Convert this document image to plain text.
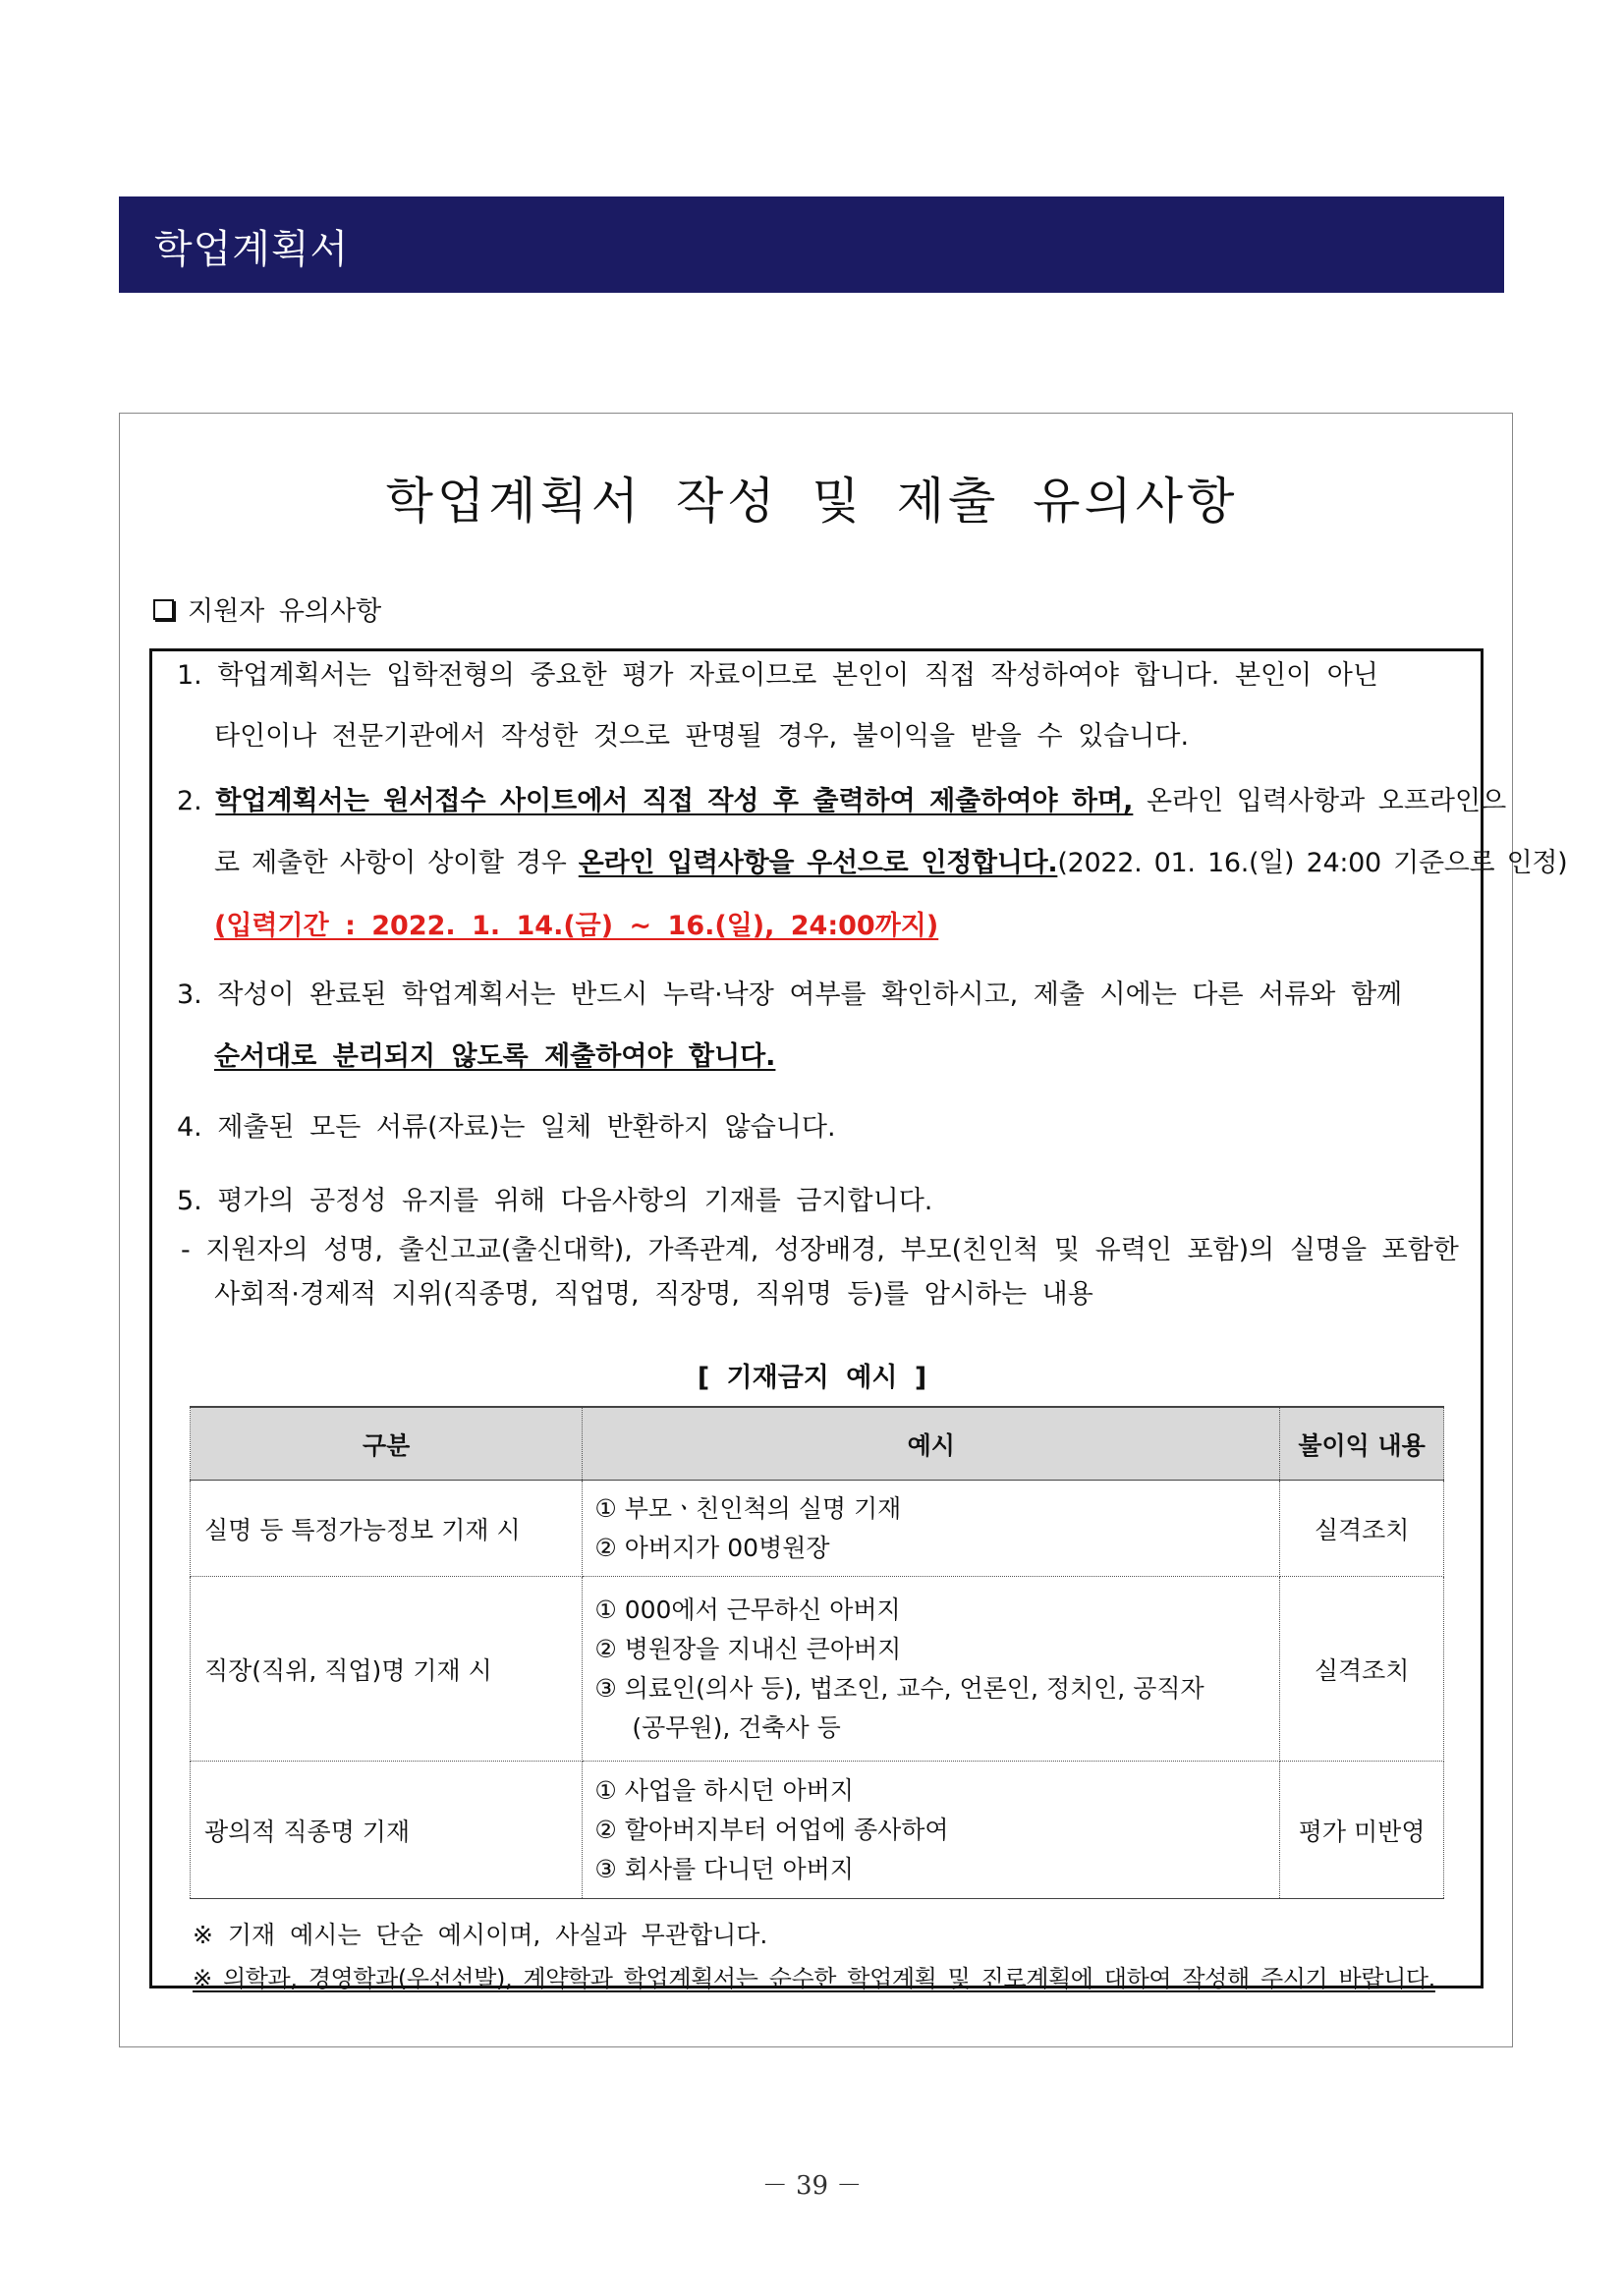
학업계획서
학업계획서 작성 및 제출 유의사항
지원자 유의사항
1. 학업계획서는 입학전형의 중요한 평가 자료이므로 본인이 직접 작성하여야 합니다. 본인이 아닌
타인이나 전문기관에서 작성한 것으로 판명될 경우, 불이익을 받을 수 있습니다.
2. 학업계획서는 원서접수 사이트에서 직접 작성 후 출력하여 제출하여야 하며, 온라인 입력사항과 오프라인으
로 제출한 사항이 상이할 경우 온라인 입력사항을 우선으로 인정합니다.(2022. 01. 16.(일) 24:00 기준으로 인정)
(입력기간 : 2022. 1. 14.(금) ~ 16.(일), 24:00까지)
3. 작성이 완료된 학업계획서는 반드시 누락·낙장 여부를 확인하시고, 제출 시에는 다른 서류와 함께
순서대로 분리되지 않도록 제출하여야 합니다.
4. 제출된 모든 서류(자료)는 일체 반환하지 않습니다.
5. 평가의 공정성 유지를 위해 다음사항의 기재를 금지합니다.
- 지원자의 성명, 출신고교(출신대학), 가족관계, 성장배경, 부모(친인척 및 유력인 포함)의 실명을 포함한
사회적·경제적 지위(직종명, 직업명, 직장명, 직위명 등)를 암시하는 내용
[ 기재금지 예시 ]
구분	예시	불이익 내용
실명 등 특정가능정보 기재 시	① 부모ㆍ친인척의 실명 기재
② 아버지가 00병원장	실격조치
직장(직위, 직업)명 기재 시	① 000에서 근무하신 아버지
② 병원장을 지내신 큰아버지
③ 의료인(의사 등), 법조인, 교수, 언론인, 정치인, 공직자
(공무원), 건축사 등	실격조치
광의적 직종명 기재	① 사업을 하시던 아버지
② 할아버지부터 어업에 종사하여
③ 회사를 다니던 아버지	평가 미반영
※ 기재 예시는 단순 예시이며, 사실과 무관합니다.
※ 의학과, 경영학과(우선선발), 계약학과 학업계획서는 순수한 학업계획 및 진로계획에 대하여 작성해 주시기 바랍니다.
－ 39 －
